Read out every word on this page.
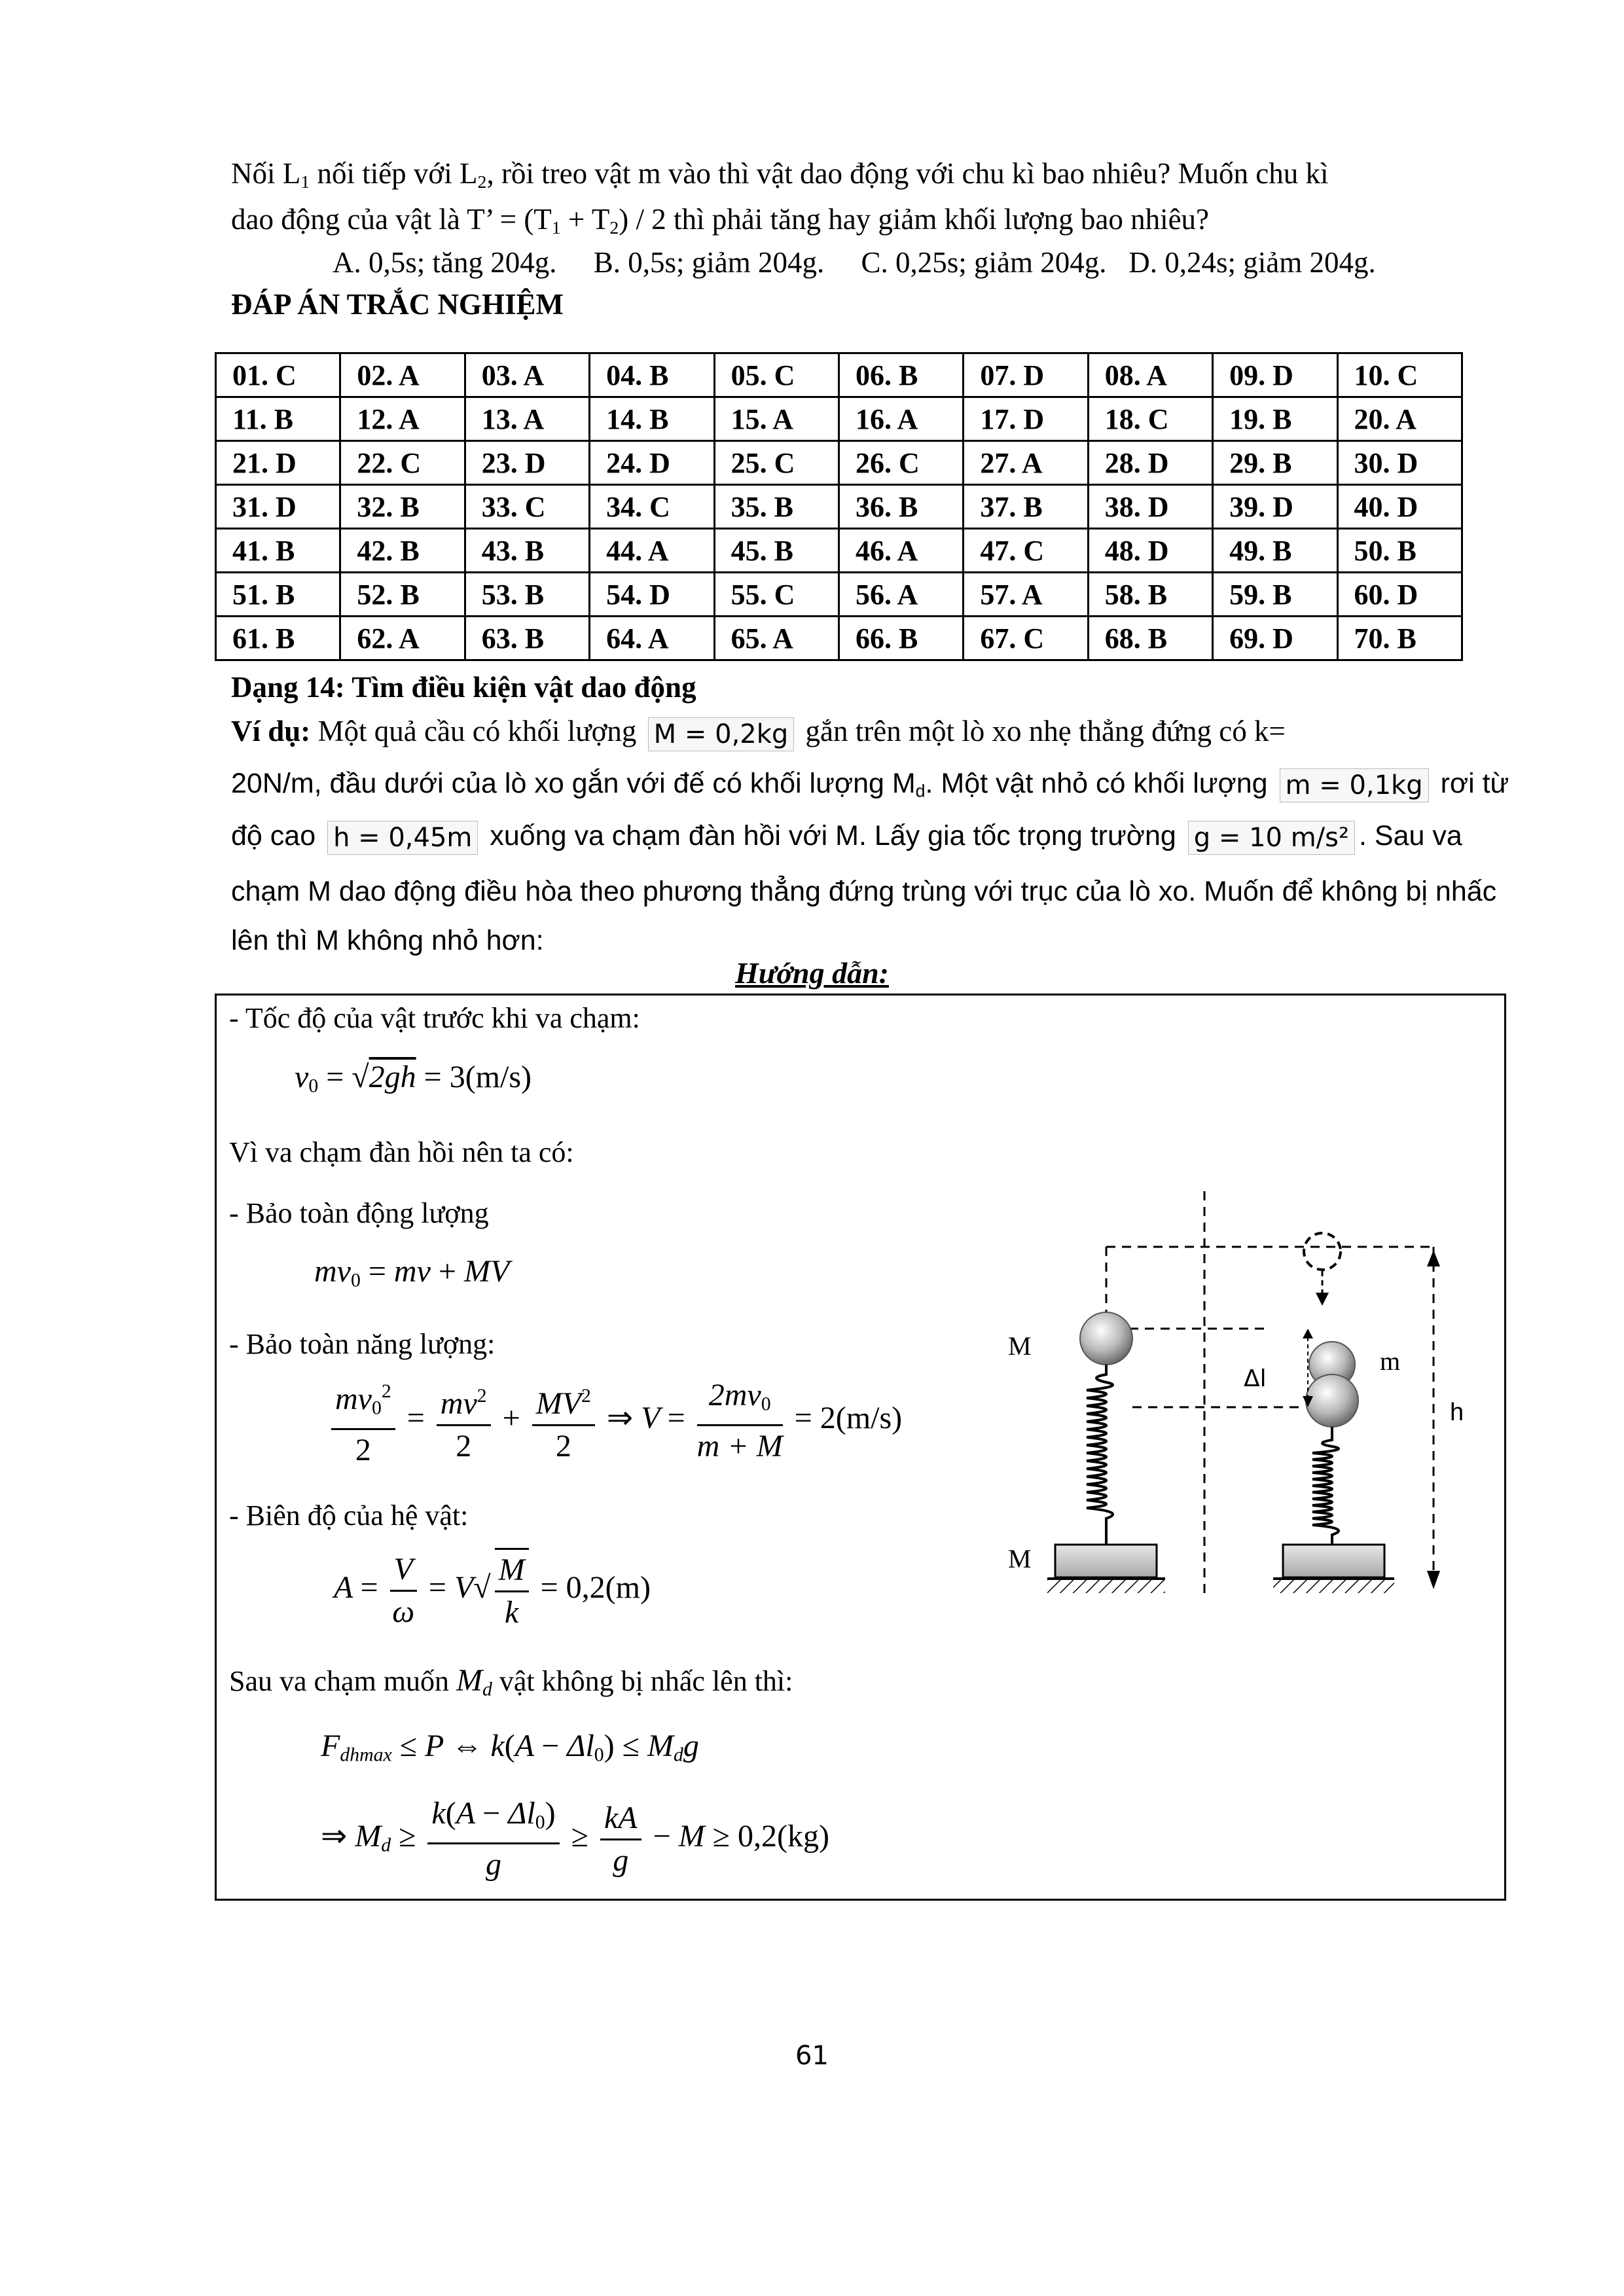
Nối $L_1$ nối tiếp với $L_2$, rồi treo vật m vào thì vật dao động với chu kì bao nhiêu? Muốn chu kì
dao động của vật là T’ = $(T_1 + T_2) / 2$ thì phải tăng hay giảm khối lượng bao nhiêu?
A. 0,5s; tăng 204g.     B. 0,5s; giảm 204g.     C. 0,25s; giảm 204g.   D. 0,24s; giảm 204g.
ĐÁP ÁN TRẮC NGHIỆM
01. C	02. A	03. A	04. B	05. C	06. B	07. D	08. A	09. D	10. C
11. B	12. A	13. A	14. B	15. A	16. A	17. D	18. C	19. B	20. A
21. D	22. C	23. D	24. D	25. C	26. C	27. A	28. D	29. B	30. D
31. D	32. B	33. C	34. C	35. B	36. B	37. B	38. D	39. D	40. D
41. B	42. B	43. B	44. A	45. B	46. A	47. C	48. D	49. B	50. B
51. B	52. B	53. B	54. D	55. C	56. A	57. A	58. B	59. B	60. D
61. B	62. A	63. B	64. A	65. A	66. B	67. C	68. B	69. D	70. B
Dạng 14: Tìm điều kiện vật dao động
Ví dụ: Một quả cầu có khối lượng M = 0,2kg gắn trên một lò xo nhẹ thẳng đứng có k=
20N/m, đầu dưới của lò xo gắn với đế có khối lượng $M_d$. Một vật nhỏ có khối lượng m = 0,1kg rơi từ
độ cao h = 0,45m xuống va chạm đàn hồi với M. Lấy gia tốc trọng trường g = 10 m/s² . Sau va
chạm M dao động điều hòa theo phương thẳng đứng trùng với trục của lò xo. Muốn để không bị nhấc
lên thì M không nhỏ hơn:
Hướng dẫn:
- Tốc độ của vật trước khi va chạm:
$v_0 = √2gh = 3(m/s)$
Vì va chạm đàn hồi nên ta có:
- Bảo toàn động lượng
$mv_0$ = mv + MV
- Bảo toàn năng lượng:
$\frac{mv_0^2}{2} = \frac{mv^2}{2} + \frac{MV^2}{2}$ ⇒ $V = \frac{2mv_0}{m + M} = 2(m/s)$
- Biên độ của hệ vật:
$A = \frac{V}{\omega} = V√ \frac{M}{k} = 0,2(m)$
Sau va chạm muốn $M_d$ vật không bị nhấc lên thì:
$F_{dhmax} \le P$ ⇔ $k(A - \Delta l_0) \le M_dg$
⇒ $M_d \ge \frac{k(A - \Delta l_0)}{g} \ge \frac{kA}{g} - M \ge 0,2(kg)$
h
M
M
Δl
m
61
